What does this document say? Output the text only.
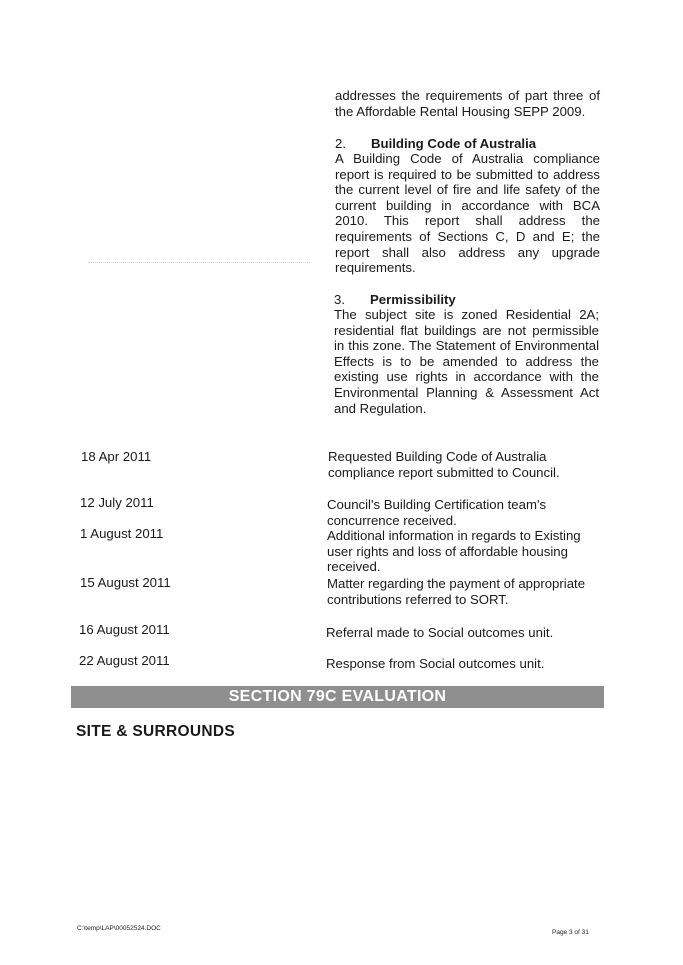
addresses the requirements of part three of the Affordable Rental Housing SEPP 2009.

2. Building Code of Australia

A Building Code of Australia compliance report is required to be submitted to address the current level of fire and life safety of the current building in accordance with BCA 2010. This report shall address the requirements of Sections C, D and E; the report shall also address any upgrade requirements.

3. Permissibility

The subject site is zoned Residential 2A; residential flat buildings are not permissible in this zone. The Statement of Environmental Effects is to be amended to address the existing use rights in accordance with the Environmental Planning & Assessment Act and Regulation.

18 Apr 2011	Requested Building Code of Australia compliance report submitted to Council.
12 July 2011	Council's Building Certification team's concurrence received.
1 August 2011	Additional information in regards to Existing user rights and loss of affordable housing received.
15 August 2011	Matter regarding the payment of appropriate contributions referred to SORT.
16 August 2011	Referral made to Social outcomes unit.
22 August 2011	Response from Social outcomes unit.
SECTION 79C EVALUATION
SITE & SURROUNDS
C:\temp\LAP\00052524.DOC
Page 3 of 31
